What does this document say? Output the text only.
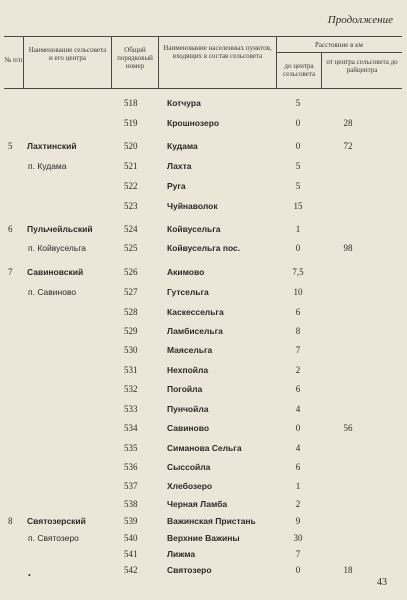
Продолжение
№ п/п
Наименование сельсовета и его центра
Общий порядковый номер
Наименование населенных пунктов, входящих в состав сельсовета
Расстояние в км
до центра сельсовета
от центра сельсовета до райцентра
518	Котчура	5
519	Крошнозеро	0	28
5	Лахтинский	520	Кудама	0	72
п. Кудама	521	Лахта	5
522	Руга	5
523	Чуйнаволок	15
6	Пульчейльский	524	Койвусельга	1
п. Койвусельга	525	Койвусельга пос.	0	98
7	Савиновский	526	Акимово	7,5
п. Савиново	527	Гутсельга	10
528	Каскессельга	6
529	Ламбисельга	8
530	Маясельга	7
531	Нехпойла	2
532	Погойла	6
533	Пунчойла	4
534	Савиново	0	56
535	Симанова Сельга	4
536	Сыссойла	6
537	Хлебозеро	1
538	Черная Ламба	2
8	Святозерский	539	Важинская Пристань	9
п. Святозеро	540	Верхние Важины	30
541	Лижма	7
542	Святозеро	0	18
•
43
